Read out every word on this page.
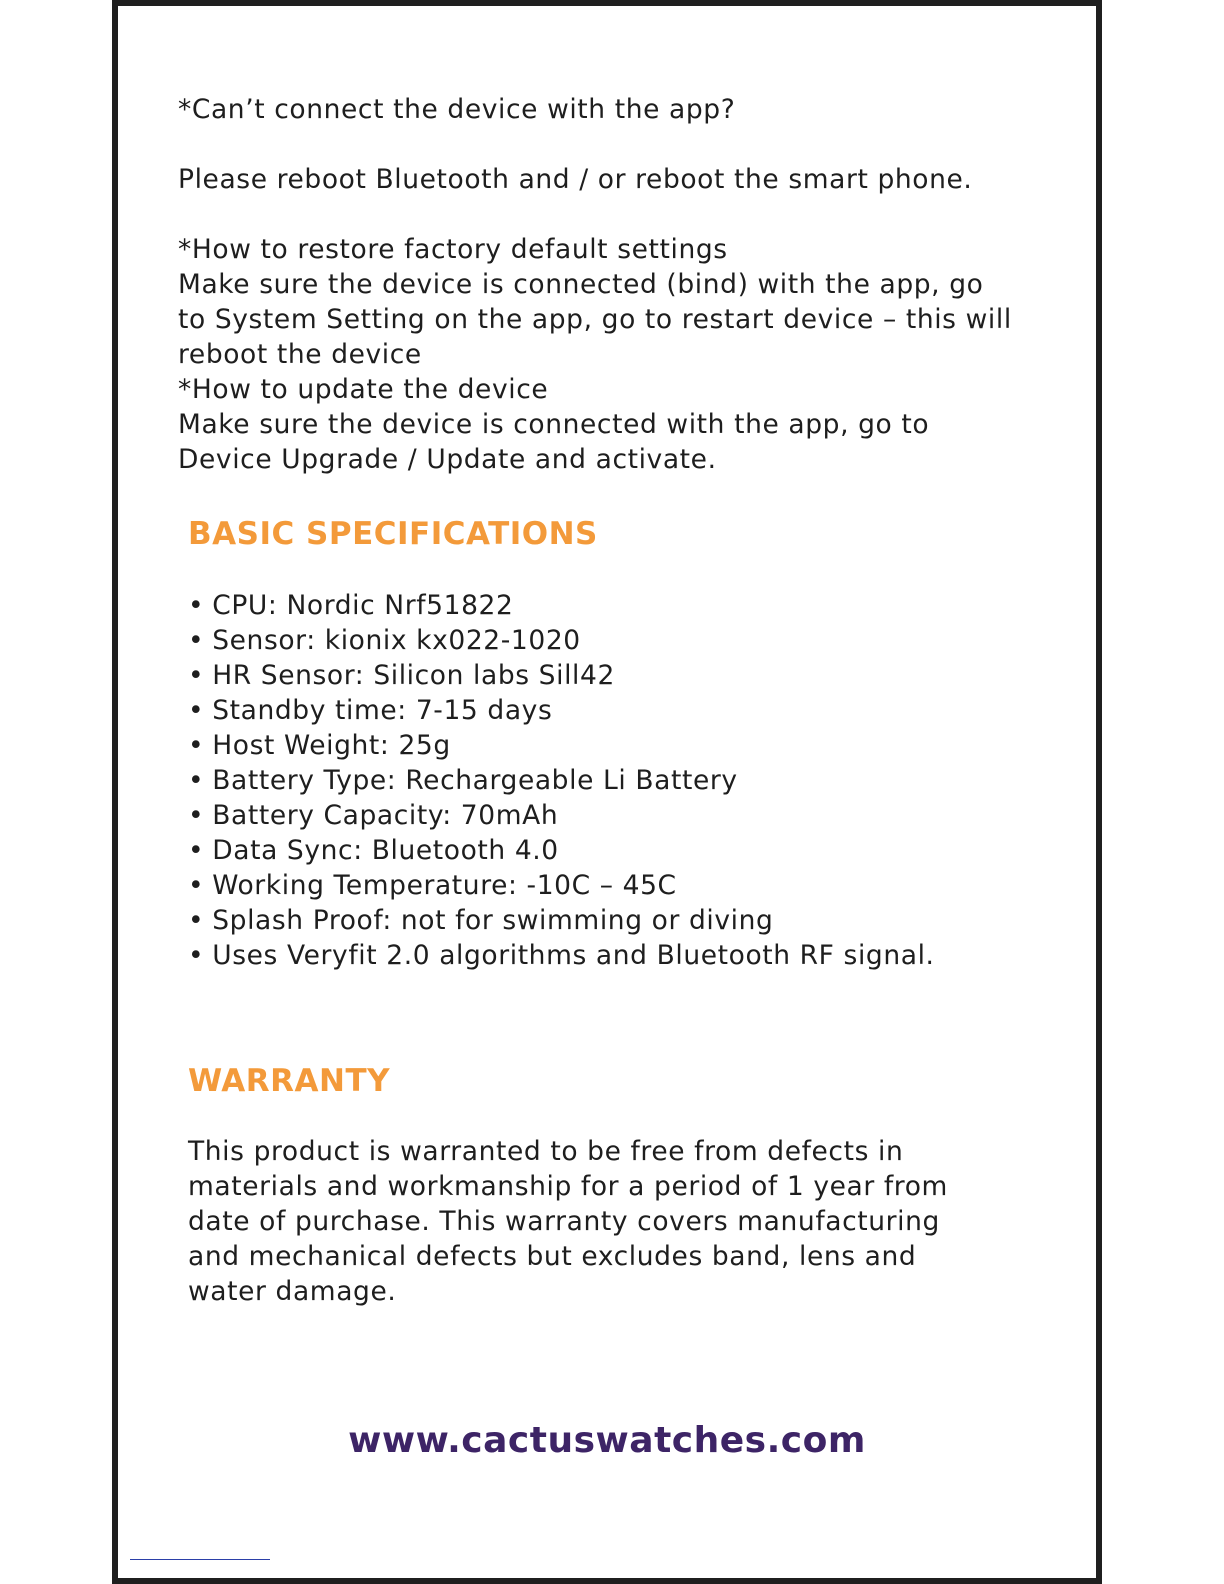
*Can’t connect the device with the app?
Please reboot Bluetooth and / or reboot the smart phone.
*How to restore factory default settings
Make sure the device is connected (bind) with the app, go
to System Setting on the app, go to restart device – this will
reboot the device
*How to update the device
Make sure the device is connected with the app, go to
Device Upgrade / Update and activate.
BASIC SPECIFICATIONS
• CPU: Nordic Nrf51822
• Sensor: kionix kx022-1020
• HR Sensor: Silicon labs Sill42
• Standby time: 7-15 days
• Host Weight: 25g
• Battery Type: Rechargeable Li Battery
• Battery Capacity: 70mAh
• Data Sync: Bluetooth 4.0
• Working Temperature: -10C – 45C
• Splash Proof: not for swimming or diving
• Uses Veryfit 2.0 algorithms and Bluetooth RF signal.
WARRANTY
This product is warranted to be free from defects in
materials and workmanship for a period of 1 year from
date of purchase. This warranty covers manufacturing
and mechanical defects but excludes band, lens and
water damage.
www.cactuswatches.com
